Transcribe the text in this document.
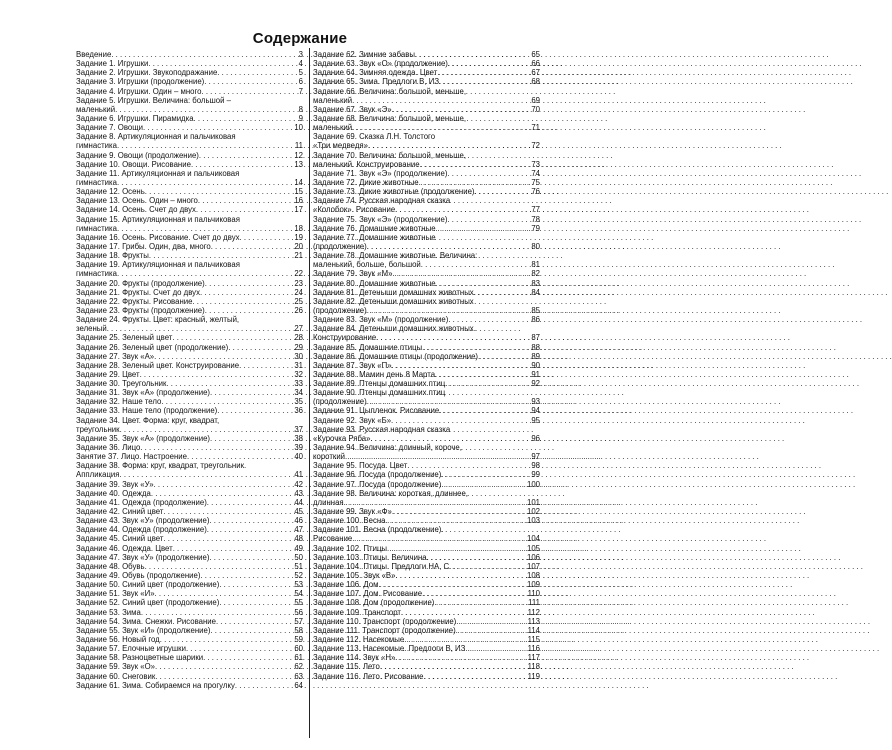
Содержание
Введение . . .	3
Задание 1. Игрушки . . .	4
Задание 2. Игрушки. Звукоподражание . . .	5
Задание 3. Игрушки (продолжение) . . .	6
Задание 4. Игрушки. Один – много . . .	7
Задание 5. Игрушки. Величина: большой –
маленький . . .	8
Задание 6. Игрушки. Пирамидка . . .	9
Задание 7. Овощи . . .	10
Задание 8. Артикуляционная и пальчиковая
гимнастика . . .	11
Задание 9. Овощи (продолжение) . . .	12
Задание 10. Овощи. Рисование . . .	13
Задание 11. Артикуляционная и пальчиковая
гимнастика . . .	14
Задание 12. Осень . . .	15
Задание 13. Осень. Один – много . . .	16
Задание 14. Осень. Счет до двух . . .	17
Задание 15. Артикуляционная и пальчиковая
гимнастика . . .	18
Задание 16. Осень. Рисование. Счет до двух . . .	19
Задание 17. Грибы. Один, два, много . . .	20
Задание 18. Фрукты . . .	21
Задание 19. Артикуляционная и пальчиковая
гимнастика . . .	22
Задание 20. Фрукты (продолжение) . . .	23
Задание 21. Фрукты. Счет до двух . . .	24
Задание 22. Фрукты. Рисование . . .	25
Задание 23. Фрукты (продолжение) . . .	26
Задание 24. Фрукты. Цвет: красный, желтый,
зеленый . . .	27
Задание 25. Зеленый цвет . . .	28
Задание 26. Зеленый цвет (продолжение) . . .	29
Задание 27. Звук «А» . . .	30
Задание 28. Зеленый цвет. Конструирование . . .	31
Задание 29. Цвет . . .	32
Задание 30. Треугольник . . .	33
Задание 31. Звук «А» (продолжение) . . .	34
Задание 32. Наше тело . . .	35
Задание 33. Наше тело (продолжение) . . .	36
Задание 34. Цвет. Форма: круг, квадрат,
треугольник . . .	37
Задание 35. Звук «А» (продолжение) . . .	38
Задание 36. Лицо . . .	39
Занятие 37. Лицо. Настроение . . .	40
Задание 38. Форма: круг, квадрат, треугольник.
Аппликация . . .	41
Задание 39. Звук «У» . . .	42
Задание 40. Одежда . . .	43
Задание 41. Одежда (продолжение) . . .	44
Задание 42. Синий цвет . . .	45
Задание 43. Звук «У» (продолжение) . . .	46
Задание 44. Одежда (продолжение) . . .	47
Задание 45. Синий цвет . . .	48
Задание 46. Одежда. Цвет . . .	49
Задание 47. Звук «У» (продолжение) . . .	50
Задание 48. Обувь . . .	51
Задание 49. Обувь (продолжение) . . .	52
Задание 50. Синий цвет (продолжение) . . .	53
Задание 51. Звук «И» . . .	54
Задание 52. Синий цвет (продолжение) . . .	55
Задание 53. Зима . . .	56
Задание 54. Зима. Снежки. Рисование . . .	57
Задание 55. Звук «И» (продолжение) . . .	58
Задание 56. Новый год . . .	59
Задание 57. Елочные игрушки . . .	60
Задание 58. Разноцветные шарики . . .	61
Задание 59. Звук «О» . . .	62
Задание 60. Снеговик . . .	63
Задание 61. Зима. Собираемся на прогулку . . .	64
Задание 62. Зимние забавы . . .	65
Задание 63. Звук «О» (продолжение) . . .	66
Задание 64. Зимняя одежда. Цвет . . .	67
Задание 65. Зима. Предлоги В, ИЗ . . .	68
Задание 66. Величина: большой, меньше,
маленький . . .	69
Задание 67. Звук «Э» . . .	70
Задание 68. Величина: большой, меньше,
маленький . . .	71
Задание 69. Сказка Л.Н. Толстого
«Три медведя» . . .	72
Задание 70. Величина: большой, меньше,
маленький. Конструирование . . .	73
Задание 71. Звук «Э» (продолжение) . . .	74
Задание 72. Дикие животные . . .	75
Задание 73. Дикие животные (продолжение) . . .	76
Задание 74. Русская народная сказка
«Колобок». Рисование . . .	77
Задание 75. Звук «Э» (продолжение) . . .	78
Задание 76. Домашние животные . . .	79
Задание 77. Домашние животные
(продолжение) . . .	80
Задание 78. Домашние животные. Величина:
маленький, больше, большой . . .	81
Задание 79. Звук «М» . . .	82
Задание 80. Домашние животные . . .	83
Задание 81. Детеныши домашних животных . . .	84
Задание 82. Детеныши домашних животных
(продолжение) . . .	85
Задание 83. Звук «М» (продолжение) . . .	86
Задание 84. Детеныши домашних животных.
Конструирование . . .	87
Задание 85. Домашние птицы . . .	88
Задание 86. Домашние птицы (продолжение) . . .	89
Задание 87. Звук «П» . . .	90
Задание 88. Мамин день 8 Марта . . .	91
Задание 89. Птенцы домашних птиц . . .	92
Задание 90. Птенцы домашних птиц
(продолжение) . . .	93
Задание 91. Цыпленок. Рисование . . .	94
Задание 92. Звук «Б» . . .	95
Задание 93. Русская народная сказка
«Курочка Ряба» . . .	96
Задание 94. Величина: длинный, короче,
короткий . . .	97
Задание 95. Посуда. Цвет . . .	98
Задание 96. Посуда (продолжение) . . .	99
Задание 97. Посуда (продолжение) . . .	100
Задание 98. Величина: короткая, длиннее,
длинная . . .	101
Задание 99. Звук «Ф» . . .	102
Задание 100. Весна . . .	103
Задание 101. Весна (продолжение).
Рисование . . .	104
Задание 102. Птицы . . .	105
Задание 103. Птицы. Величина . . .	106
Задание 104. Птицы. Предлоги НА, С . . .	107
Задание 105. Звук «В» . . .	108
Задание 106. Дом . . .	109
Задание 107. Дом. Рисование . . .	110
Задание 108. Дом (продолжение) . . .	111
Задание 109. Транспорт . . .	112
Задание 110. Транспорт (продолжение) . . .	113
Задание 111. Транспорт (продолжение) . . .	114
Задание 112. Насекомые . . .	115
Задание 113. Насекомые. Предлоги В, ИЗ . . .	116
Задание 114. Звук «Н» . . .	117
Задание 115. Лето . . .	118
Задание 116. Лето. Рисование . . .	119
